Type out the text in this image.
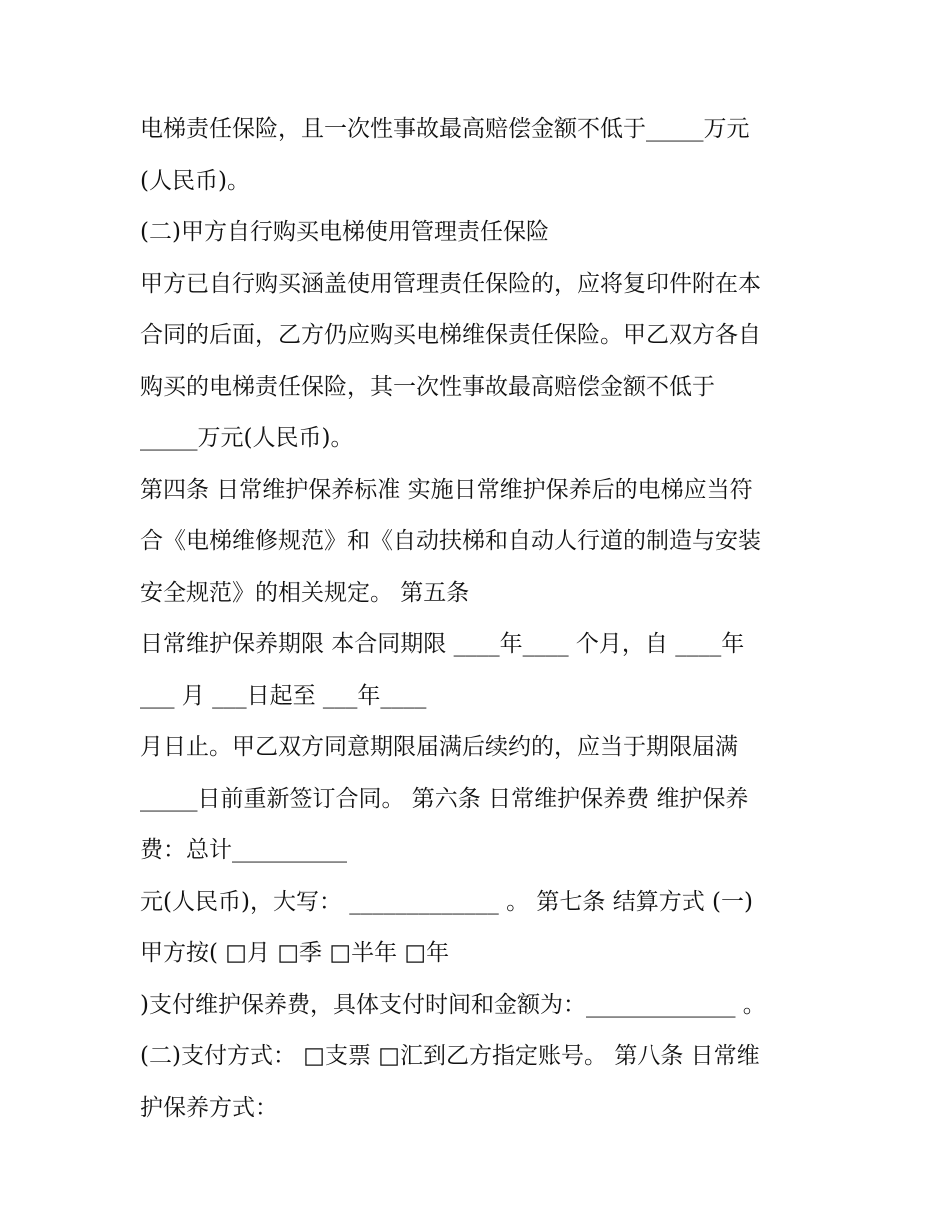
电梯责任保险，且一次性事故最高赔偿金额不低于_____万元
(人民币)。
(二)甲方自行购买电梯使用管理责任保险
甲方已自行购买涵盖使用管理责任保险的，应将复印件附在本
合同的后面，乙方仍应购买电梯维保责任保险。甲乙双方各自
购买的电梯责任保险，其一次性事故最高赔偿金额不低于
_____万元(人民币)。
第四条 日常维护保养标准 实施日常维护保养后的电梯应当符
合《电梯维修规范》和《自动扶梯和自动人行道的制造与安装
安全规范》的相关规定。 第五条
日常维护保养期限 本合同期限 ____年____ 个月，自 ____年
___ 月 ___日起至 ___年____
月日止。甲乙双方同意期限届满后续约的，应当于期限届满
_____日前重新签订合同。 第六条 日常维护保养费 维护保养
费：总计__________
元(人民币)，大写： _____________ 。 第七条 结算方式 (一)
甲方按( □月 □季 □半年 □年
)支付维护保养费，具体支付时间和金额为：_____________ 。
(二)支付方式： □支票 □汇到乙方指定账号。 第八条 日常维
护保养方式：
